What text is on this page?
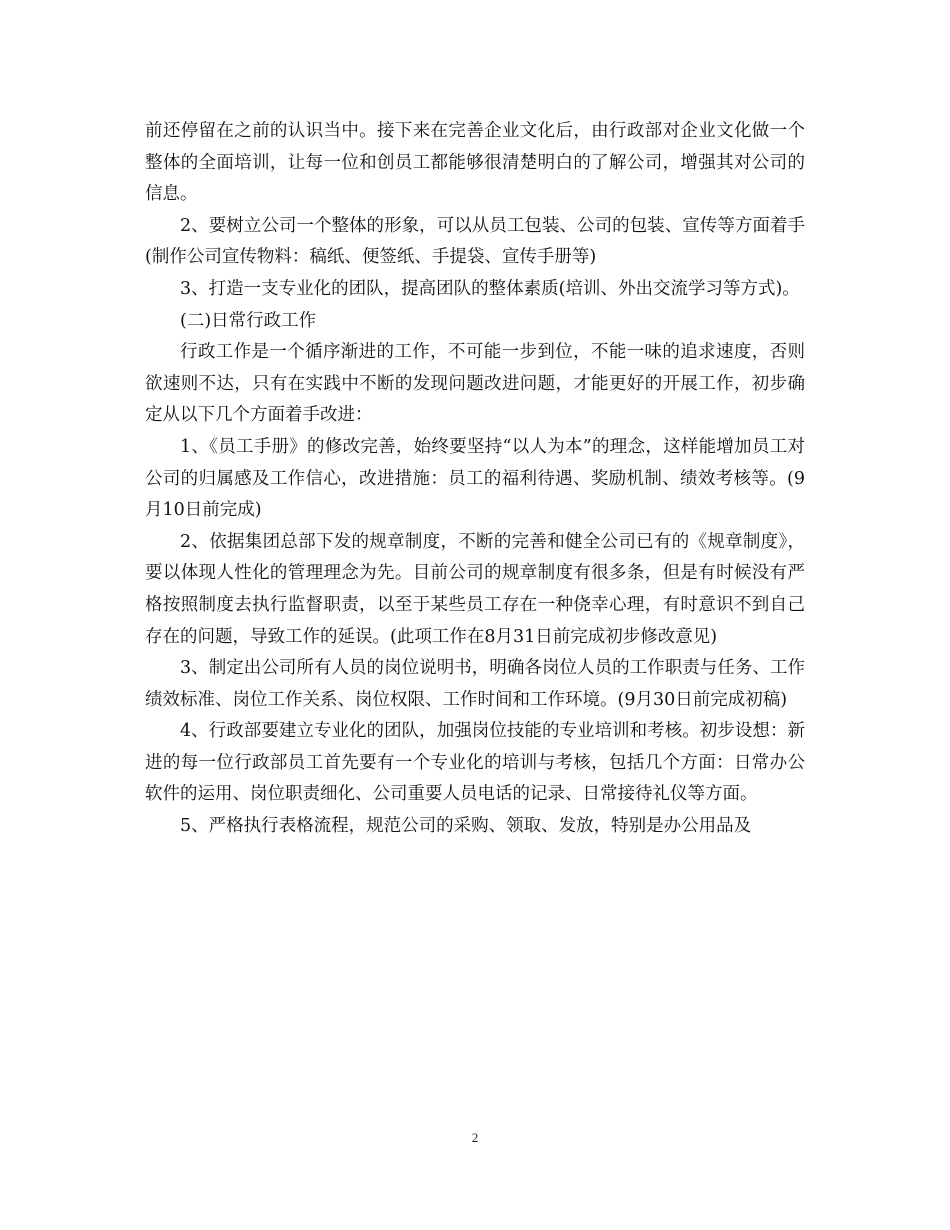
前还停留在之前的认识当中。接下来在完善企业文化后，由行政部对企业文化做一个整体的全面培训，让每一位和创员工都能够很清楚明白的了解公司，增强其对公司的信息。

2、要树立公司一个整体的形象，可以从员工包装、公司的包装、宣传等方面着手(制作公司宣传物料：稿纸、便签纸、手提袋、宣传手册等)

3、打造一支专业化的团队，提高团队的整体素质(培训、外出交流学习等方式)。

(二)日常行政工作

行政工作是一个循序渐进的工作，不可能一步到位，不能一味的追求速度，否则欲速则不达，只有在实践中不断的发现问题改进问题，才能更好的开展工作，初步确定从以下几个方面着手改进：

1、《员工手册》的修改完善，始终要坚持“以人为本”的理念，这样能增加员工对公司的归属感及工作信心，改进措施：员工的福利待遇、奖励机制、绩效考核等。(9月10日前完成)

2、依据集团总部下发的规章制度，不断的完善和健全公司已有的《规章制度》，要以体现人性化的管理理念为先。目前公司的规章制度有很多条，但是有时候没有严格按照制度去执行监督职责，以至于某些员工存在一种侥幸心理，有时意识不到自己存在的问题，导致工作的延误。(此项工作在8月31日前完成初步修改意见)

3、制定出公司所有人员的岗位说明书，明确各岗位人员的工作职责与任务、工作绩效标准、岗位工作关系、岗位权限、工作时间和工作环境。(9月30日前完成初稿)

4、行政部要建立专业化的团队，加强岗位技能的专业培训和考核。初步设想：新进的每一位行政部员工首先要有一个专业化的培训与考核，包括几个方面：日常办公软件的运用、岗位职责细化、公司重要人员电话的记录、日常接待礼仪等方面。

5、严格执行表格流程，规范公司的采购、领取、发放，特别是办公用品及

2
